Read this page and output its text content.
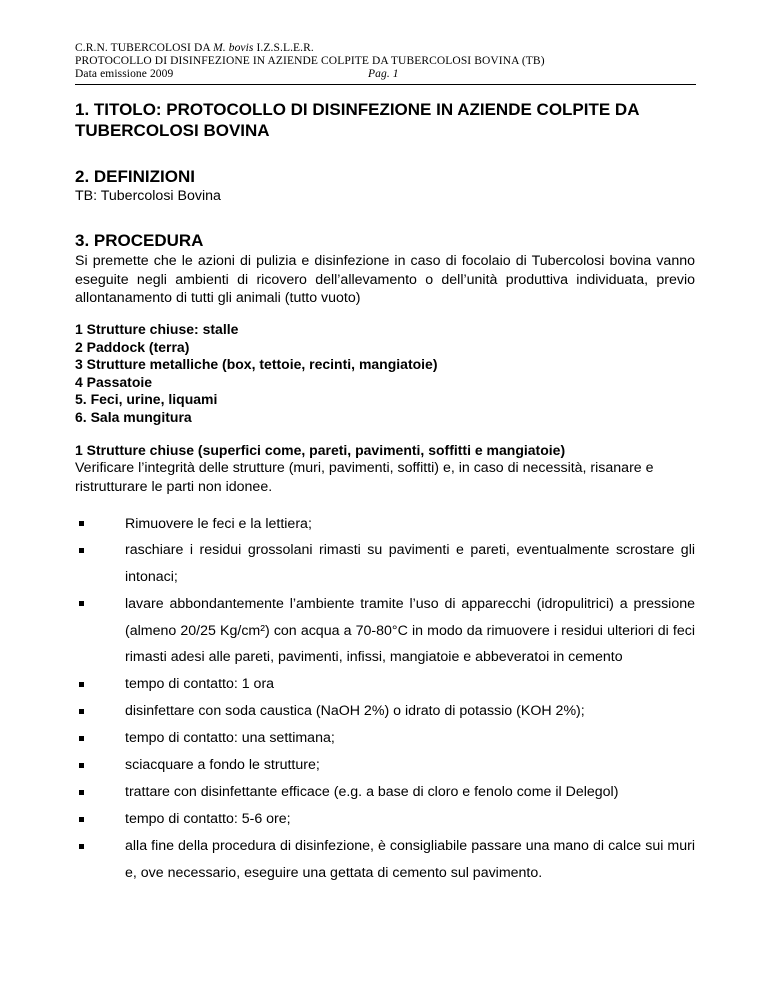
C.R.N. TUBERCOLOSI DA M. bovis I.Z.S.L.E.R.
PROTOCOLLO DI DISINFEZIONE IN AZIENDE COLPITE DA TUBERCOLOSI BOVINA (TB)
Data emissione 2009	Pag. 1
1. TITOLO: PROTOCOLLO DI DISINFEZIONE IN AZIENDE COLPITE DA TUBERCOLOSI BOVINA
2. DEFINIZIONI
TB: Tubercolosi Bovina
3. PROCEDURA
Si premette che le azioni di pulizia e disinfezione in caso di focolaio di Tubercolosi bovina vanno eseguite negli ambienti di ricovero dell’allevamento o dell’unità produttiva individuata, previo allontanamento di tutti gli animali (tutto vuoto)
1 Strutture chiuse: stalle
2 Paddock (terra)
3 Strutture metalliche (box, tettoie, recinti, mangiatoie)
4 Passatoie
5. Feci, urine, liquami
6. Sala mungitura
1 Strutture chiuse (superfici come, pareti, pavimenti, soffitti e mangiatoie)
Verificare l’integrità delle strutture (muri, pavimenti, soffitti) e, in caso di necessità, risanare e ristrutturare le parti non idonee.

Rimuovere le feci e la lettiera;

raschiare i residui grossolani rimasti su pavimenti e pareti, eventualmente scrostare gli intonaci;

lavare abbondantemente l’ambiente tramite l’uso di apparecchi (idropulitrici) a pressione (almeno 20/25 Kg/cm²) con acqua a 70-80°C in modo da rimuovere i residui ulteriori di feci rimasti adesi alle pareti, pavimenti, infissi, mangiatoie e abbeveratoi in cemento

tempo di contatto: 1 ora

disinfettare con soda caustica (NaOH 2%) o idrato di potassio (KOH 2%);

tempo di contatto: una settimana;

sciacquare a fondo le strutture;

trattare con disinfettante efficace (e.g. a base di cloro e fenolo come il Delegol)

tempo di contatto: 5-6 ore;

alla fine della procedura di disinfezione, è consigliabile passare una mano di calce sui muri e, ove necessario, eseguire una gettata di cemento sul pavimento.
